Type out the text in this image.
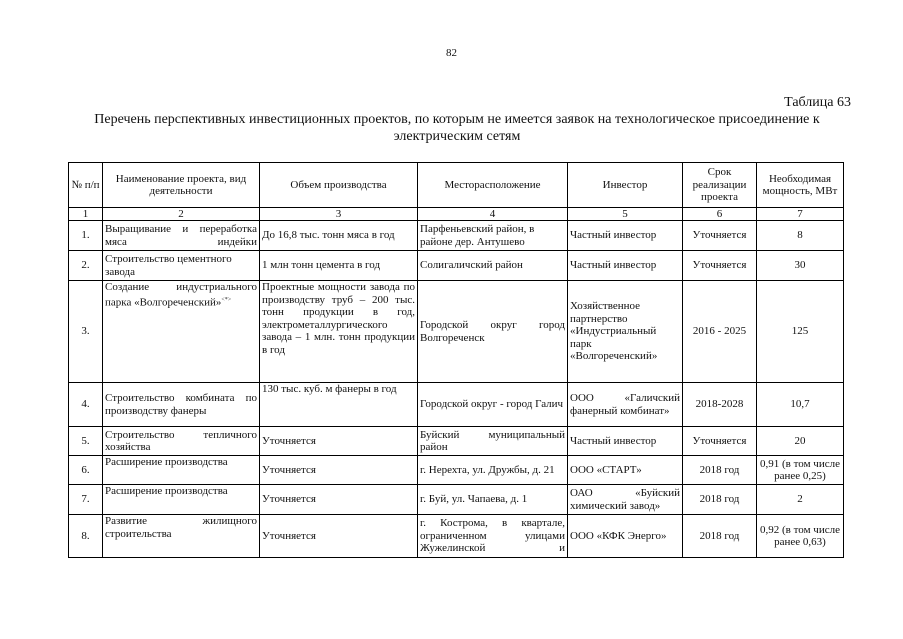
82
Таблица 63
Перечень перспективных инвестиционных проектов, по которым не имеется заявок на технологическое присоединение к электрическим сетям
№ п/п	Наименование проекта, вид деятельности	Объем производства	Месторасположение	Инвестор	Срок реализации проекта	Необходимая мощность, МВт
1	2	3	4	5	6	7
1.	Выращивание и переработка мяса индейки	До 16,8 тыс. тонн мяса в год	Парфеньевский район, в районе дер. Антушево	Частный инвестор	Уточняется	8
2.	Строительство цементного завода	1 млн тонн цемента в год	Солигаличский район	Частный инвестор	Уточняется	30
3.	Создание индустриального парка «Волгореченский»<*>	Проектные мощности завода по производству труб – 200 тыс. тонн продукции в год, электрометаллургического завода – 1 млн. тонн продукции в год	Городской округ город Волгореченск	Хозяйственное партнерство «Индустриальный парк «Волгореченский»	2016 - 2025	125
4.	Строительство комбината по производству фанеры	130 тыс. куб. м фанеры в год	Городской округ - город Галич	ООО «Галичский фанерный комбинат»	2018-2028	10,7
5.	Строительство тепличного хозяйства	Уточняется	Буйский муниципальный район	Частный инвестор	Уточняется	20
6.	Расширение производства	Уточняется	г. Нерехта, ул. Дружбы, д. 21	ООО «СТАРТ»	2018 год	0,91 (в том числе ранее 0,25)
7.	Расширение производства	Уточняется	г. Буй, ул. Чапаева, д. 1	ОАО «Буйский химический завод»	2018 год	2
8.	Развитие жилищного строительства	Уточняется	г. Кострома, в квартале, ограниченном улицами Жужелинской и	ООО «КФК Энерго»	2018 год	0,92 (в том числе ранее 0,63)
